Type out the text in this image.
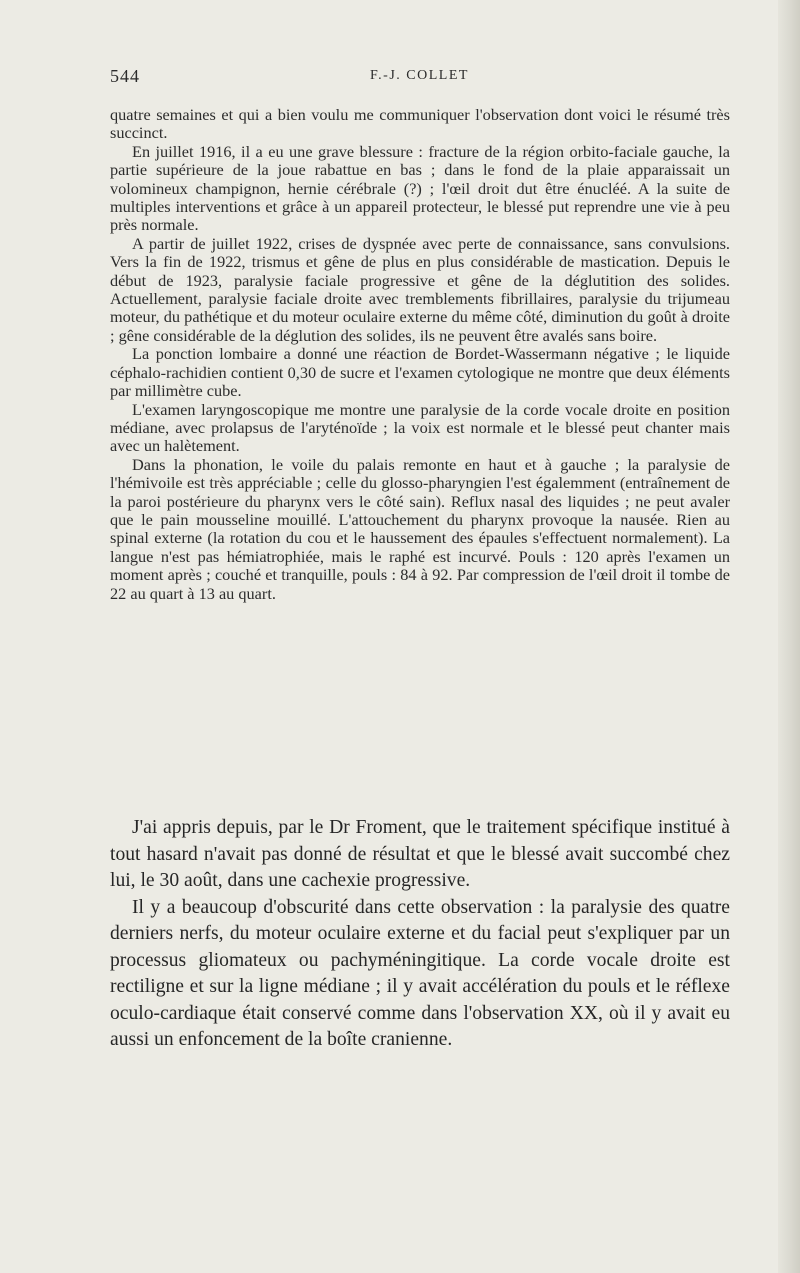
544	F.-J. COLLET

quatre semaines et qui a bien voulu me communiquer l'observation dont voici le résumé très succinct.

En juillet 1916, il a eu une grave blessure : fracture de la région orbito-faciale gauche, la partie supérieure de la joue rabattue en bas ; dans le fond de la plaie apparaissait un volomineux champignon, hernie cérébrale (?) ; l'œil droit dut être énucléé. A la suite de multiples interventions et grâce à un appareil protecteur, le blessé put reprendre une vie à peu près normale.

A partir de juillet 1922, crises de dyspnée avec perte de connaissance, sans convulsions. Vers la fin de 1922, trismus et gêne de plus en plus considérable de mastication. Depuis le début de 1923, paralysie faciale progressive et gêne de la déglutition des solides. Actuellement, paralysie faciale droite avec tremblements fibrillaires, paralysie du trijumeau moteur, du pathétique et du moteur oculaire externe du même côté, diminution du goût à droite ; gêne considérable de la déglution des solides, ils ne peuvent être avalés sans boire.

La ponction lombaire a donné une réaction de Bordet-Wassermann négative ; le liquide céphalo-rachidien contient 0,30 de sucre et l'examen cytologique ne montre que deux éléments par millimètre cube.

L'examen laryngoscopique me montre une paralysie de la corde vocale droite en position médiane, avec prolapsus de l'aryténoïde ; la voix est normale et le blessé peut chanter mais avec un halètement.

Dans la phonation, le voile du palais remonte en haut et à gauche ; la paralysie de l'hémivoile est très appréciable ; celle du glosso-pharyngien l'est égalemment (entraînement de la paroi postérieure du pharynx vers le côté sain). Reflux nasal des liquides ; ne peut avaler que le pain mousseline mouillé. L'attouchement du pharynx provoque la nausée. Rien au spinal externe (la rotation du cou et le haussement des épaules s'effectuent normalement). La langue n'est pas hémiatrophiée, mais le raphé est incurvé. Pouls : 120 après l'examen un moment après ; couché et tranquille, pouls : 84 à 92. Par compression de l'œil droit il tombe de 22 au quart à 13 au quart.

J'ai appris depuis, par le Dr Froment, que le traitement spécifique institué à tout hasard n'avait pas donné de résultat et que le blessé avait succombé chez lui, le 30 août, dans une cachexie progressive.

Il y a beaucoup d'obscurité dans cette observation : la paralysie des quatre derniers nerfs, du moteur oculaire externe et du facial peut s'expliquer par un processus gliomateux ou pachyméningitique. La corde vocale droite est rectiligne et sur la ligne médiane ; il y avait accélération du pouls et le réflexe oculo-cardiaque était conservé comme dans l'observation XX, où il y avait eu aussi un enfoncement de la boîte cranienne.
